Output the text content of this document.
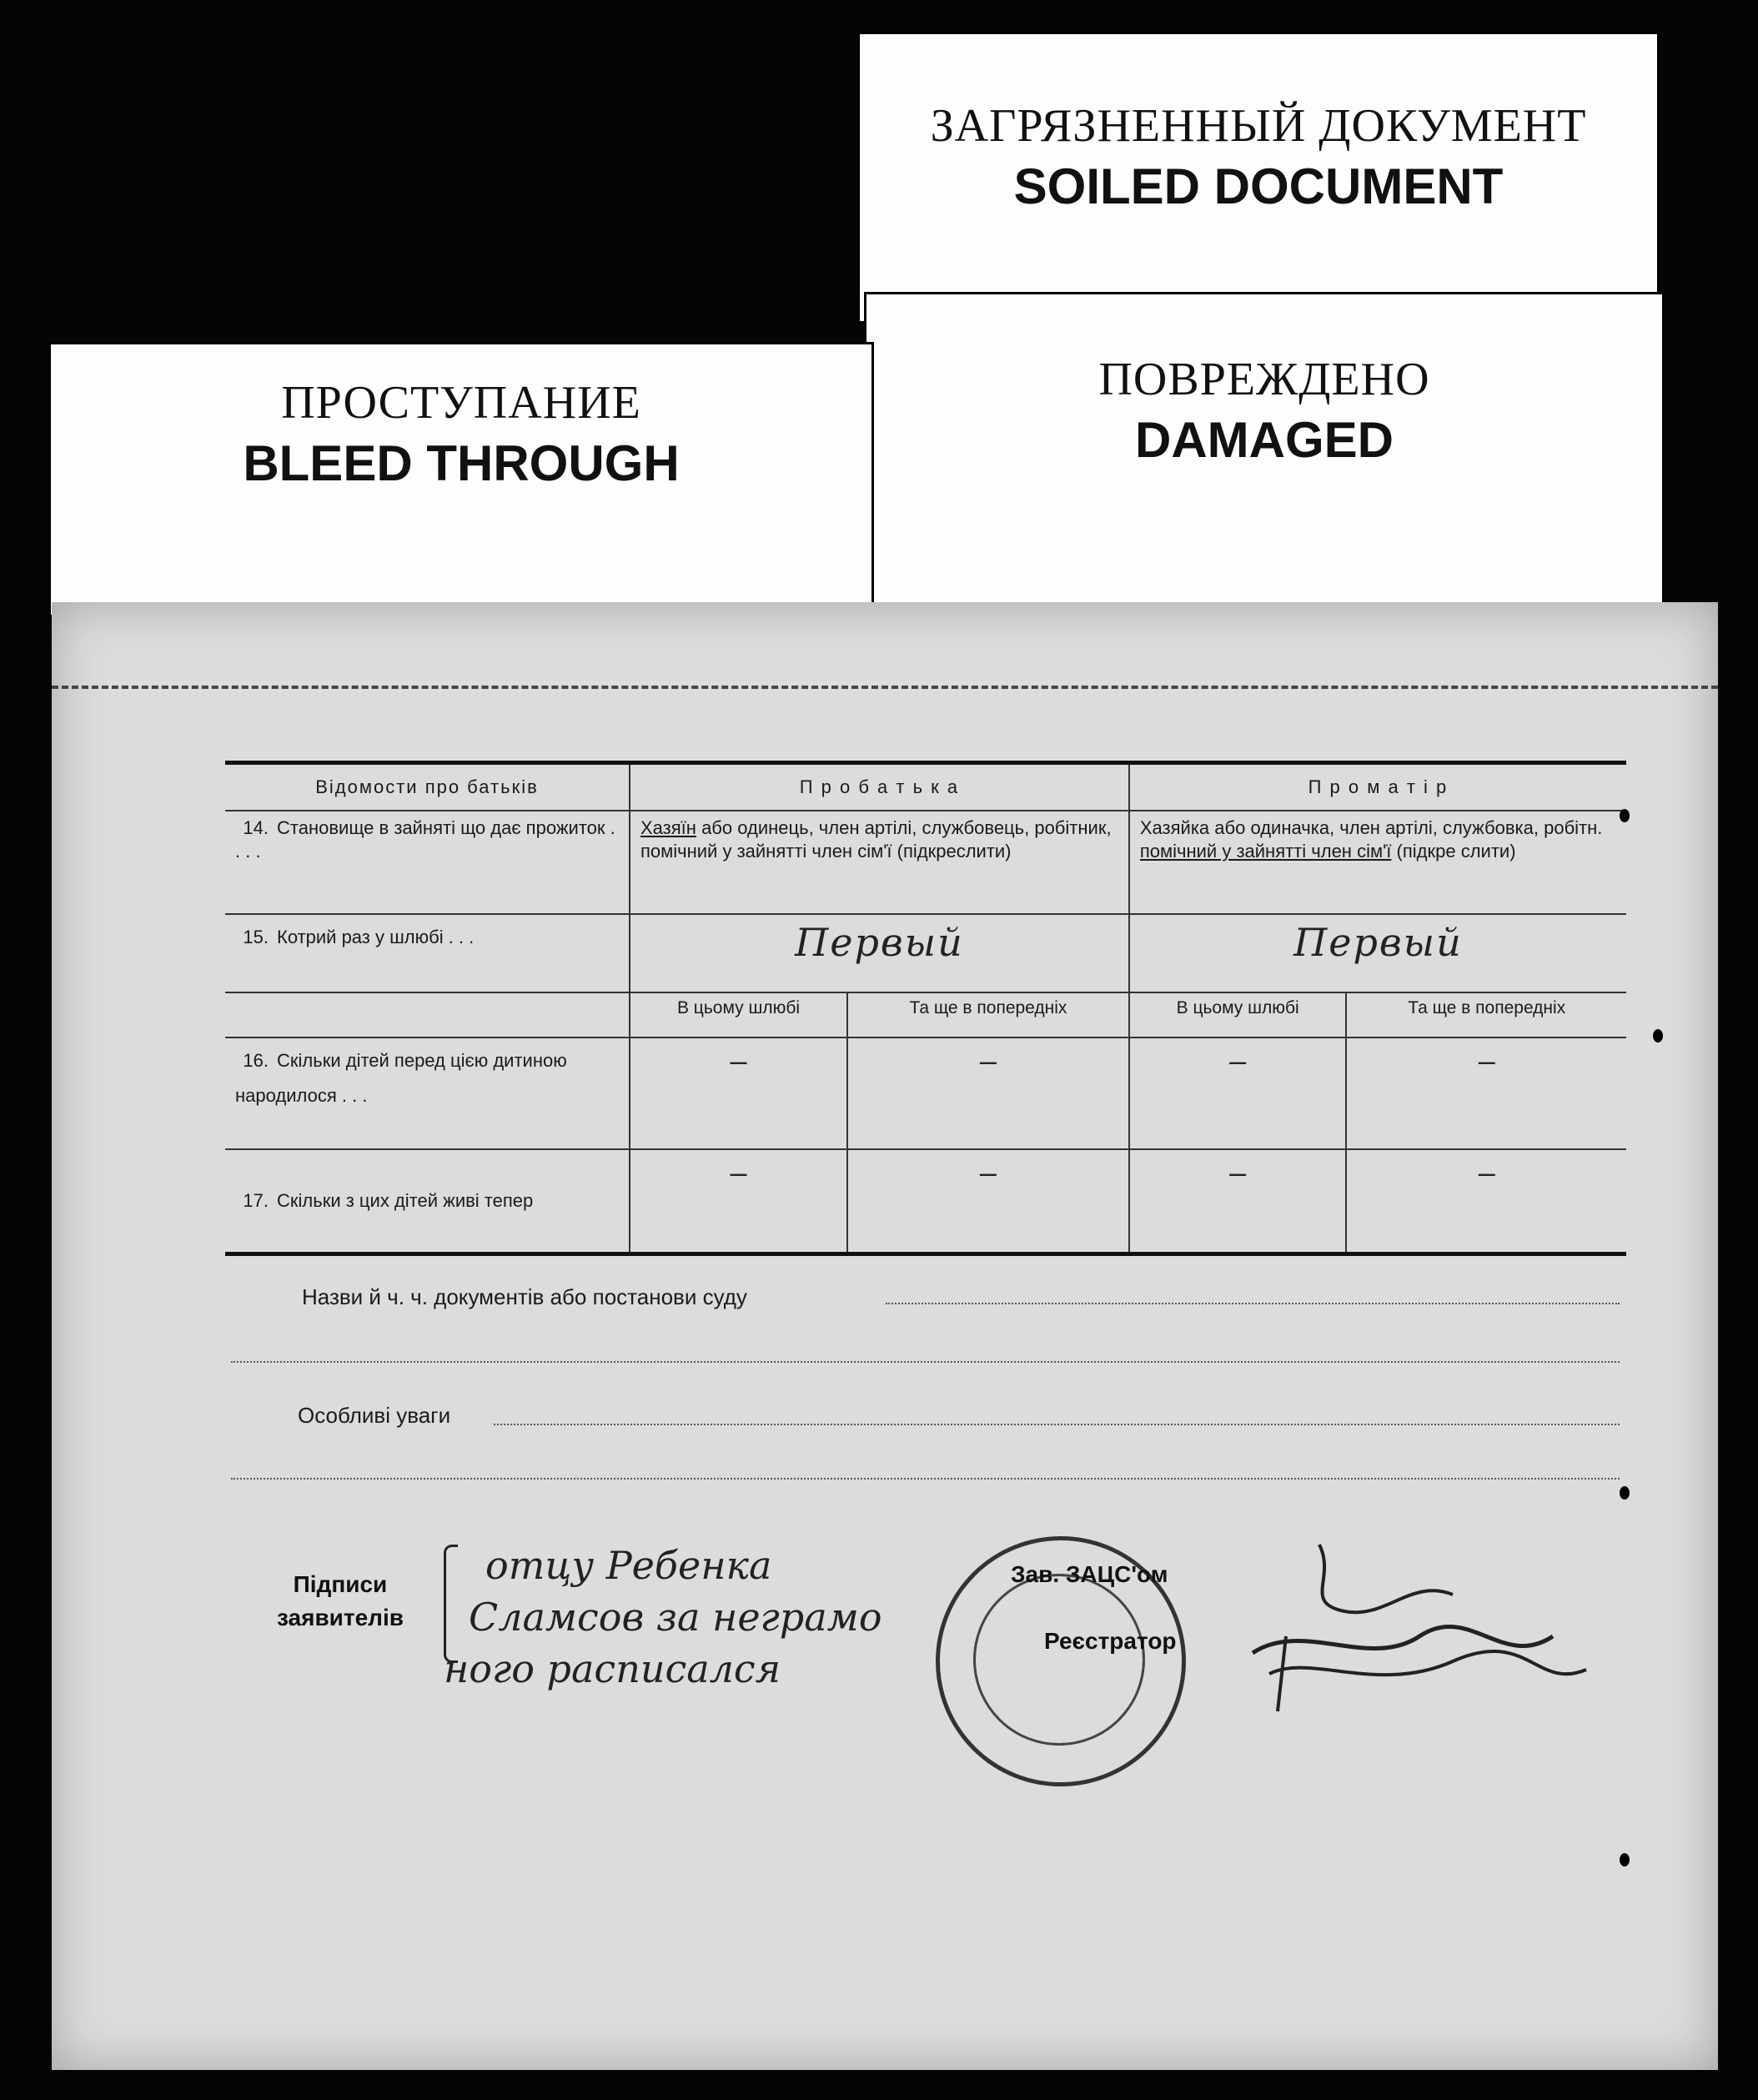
ЗАГРЯЗНЕННЫЙ ДОКУМЕНТ
SOILED DOCUMENT
ПОВРЕЖДЕНО
DAMAGED
ПРОСТУПАНИЕ
BLEED THROUGH
Відомости про батьків	П р о б а т ь к а		П р о м а т і р	
14. Становище в зайняті що дає прожиток . . . .	Хазяїн або одинець, член артілі, службовець, робітник, помічний у зайнятті член сім'ї (підкреслити)		Хазяйка або одиначка, член артілі, службовка, робітн. помічний у зайнятті член сім'ї (підкре слити)	
15. Котрий раз у шлюбі . . .	Первый		Первый	
	В цьому шлюбі	Та ще в попередніх	В цьому шлюбі	Та ще в попередніх
16. Скільки дітей перед цією дитиною народилося . . .	–	–	–	–

17. Скільки з цих дітей живі тепер	–	–	–	–
Назви й ч. ч. документів або постанови суду
Особливі уваги
Підписи
заявителів
отцу Ребенка
Сламсов за неграмо
ного расписался
Зав. ЗАЦС'ом
Реєстратор
